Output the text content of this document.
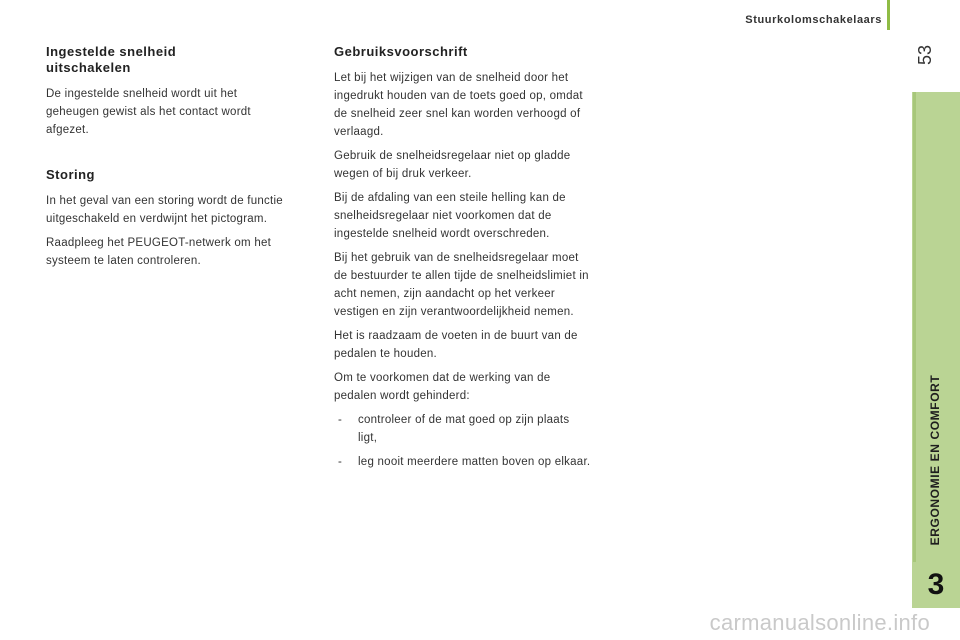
Stuurkolomschakelaars
53
ERGONOMIE EN COMFORT
3
Ingestelde snelheid uitschakelen

De ingestelde snelheid wordt uit het geheugen gewist als het contact wordt afgezet.

Storing

In het geval van een storing wordt de functie uitgeschakeld en verdwijnt het pictogram.

Raadpleeg het PEUGEOT-netwerk om het systeem te laten controleren.

Gebruiksvoorschrift

Let bij het wijzigen van de snelheid door het ingedrukt houden van de toets goed op, omdat de snelheid zeer snel kan worden verhoogd of verlaagd.

Gebruik de snelheidsregelaar niet op gladde wegen of bij druk verkeer.

Bij de afdaling van een steile helling kan de snelheidsregelaar niet voorkomen dat de ingestelde snelheid wordt overschreden.

Bij het gebruik van de snelheidsregelaar moet de bestuurder te allen tijde de snelheidslimiet in acht nemen, zijn aandacht op het verkeer vestigen en zijn verantwoordelijkheid nemen.

Het is raadzaam de voeten in de buurt van de pedalen te houden.

Om te voorkomen dat de werking van de pedalen wordt gehinderd:

- controleer of de mat goed op zijn plaats ligt,
- leg nooit meerdere matten boven op elkaar.
carmanualsonline.info
